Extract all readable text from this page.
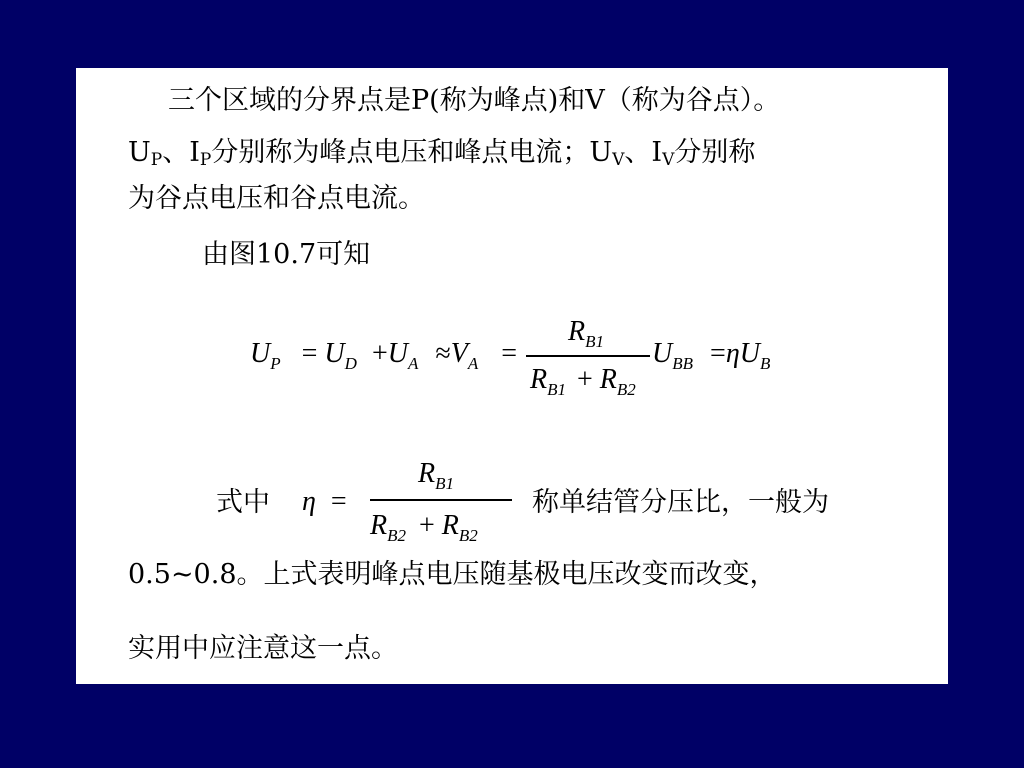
三个区域的分界点是P(称为峰点)和V（称为谷点）。
$U_P$、$I_P$分别称为峰点电压和峰点电流；$U_V$、$I_V$分别称
为谷点电压和谷点电流。
由图10.7可知
$U_P = U_D +U_A \approx V_A$ =
$R_{B1}$
$R_{B1} + R_{B2}$
$U_{BB} =\eta U_B$
式中 η =
$R_{B1}$
$R_{B2} + R_{B2}$
称单结管分压比，一般为
0.5~0.8。上式表明峰点电压随基极电压改变而改变，
实用中应注意这一点。
